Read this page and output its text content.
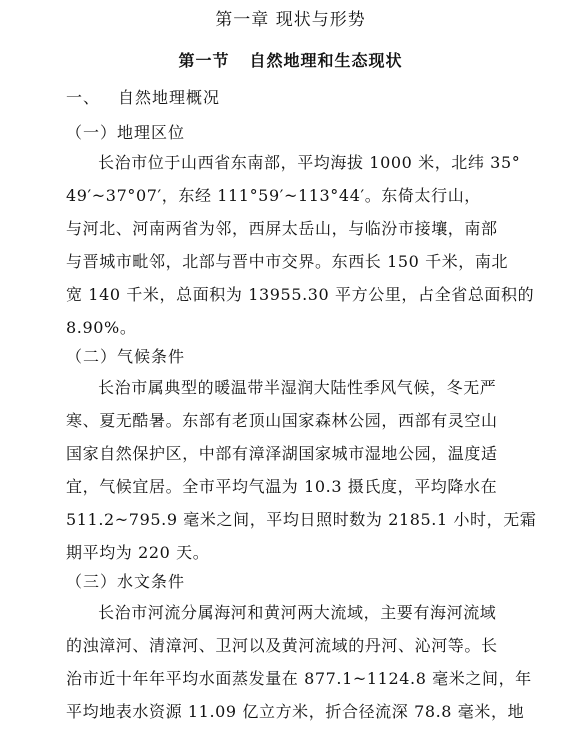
第一章 现状与形势
第一节 自然地理和生态现状
一、 自然地理概况
（一）地理区位
长治市位于山西省东南部，平均海拔 1000 米，北纬 35°
49′~37°07′，东经 111°59′~113°44′。东倚太行山，
与河北、河南两省为邻，西屏太岳山，与临汾市接壤，南部
与晋城市毗邻，北部与晋中市交界。东西长 150 千米，南北
宽 140 千米，总面积为 13955.30 平方公里，占全省总面积的
8.90%。
（二）气候条件
长治市属典型的暖温带半湿润大陆性季风气候，冬无严
寒、夏无酷暑。东部有老顶山国家森林公园，西部有灵空山
国家自然保护区，中部有漳泽湖国家城市湿地公园，温度适
宜，气候宜居。全市平均气温为 10.3 摄氏度，平均降水在
511.2~795.9 毫米之间，平均日照时数为 2185.1 小时，无霜
期平均为 220 天。
（三）水文条件
长治市河流分属海河和黄河两大流域，主要有海河流域
的浊漳河、清漳河、卫河以及黄河流域的丹河、沁河等。长
治市近十年年平均水面蒸发量在 877.1~1124.8 毫米之间，年
平均地表水资源 11.09 亿立方米，折合径流深 78.8 毫米，地
